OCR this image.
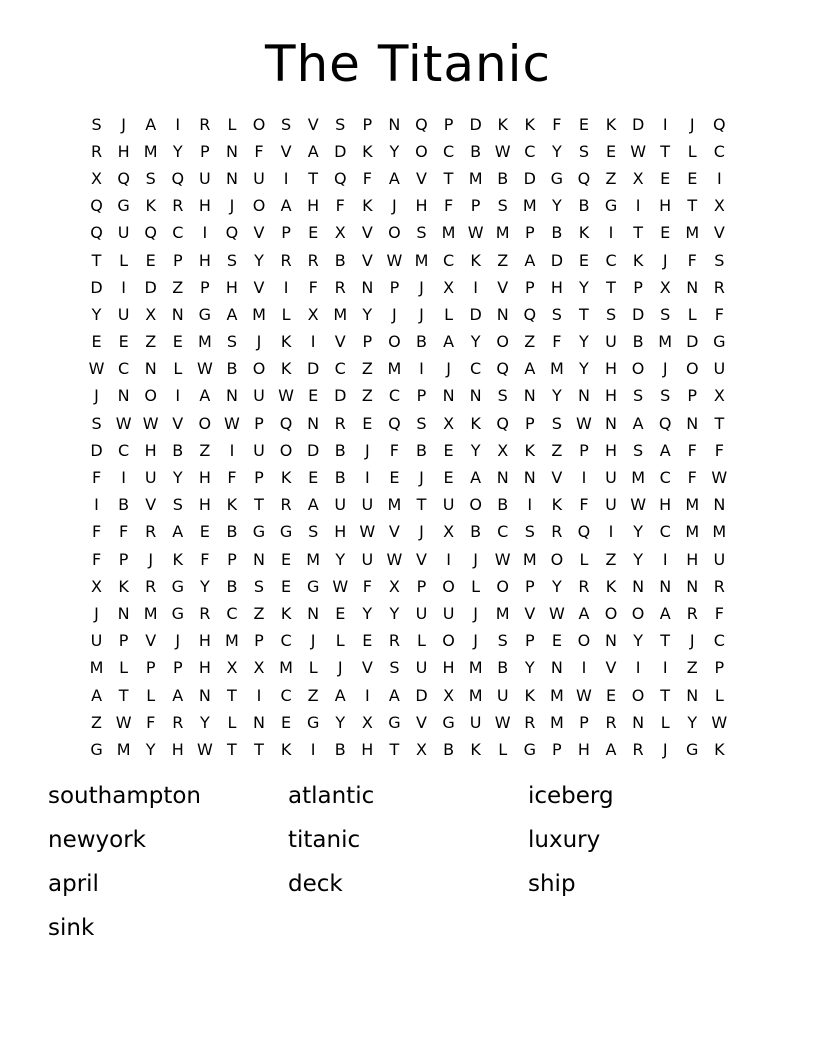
The Titanic
S	J	A	I	R	L	O S	V	S	P	N Q P	D K	K	F	E	K D	I	J	Q
R H M Y	P	N	F	V	A D K	Y O C	B W C	Y	S	E W T	L	C
X Q S Q U N U	I	T Q	F	A	V	T M B D G Q Z	X	E	E	I
Q G K	R H	J	O A H	F	K	J	H	F	P	S M Y	B G	I	H	T	X
Q U Q C	I	Q V	P	E	X	V O S M W M P	B	K	I	T	E M V
T	L	E	P	H S	Y	R R	B	V W M C	K	Z	A D E	C	K	J	F	S
D	I	D Z	P	H V	I	F	R N	P	J	X	I	V	P	H	Y	T	P	X N R
Y	U X N G A M L	X M Y	J	J	L	D N Q S	T	S D S	L	F
E	E	Z	E M S	J	K	I	V	P O B	A	Y O Z	F	Y	U B M D G
W C N	L W B O K D C	Z M	I	J	C Q A M Y	H O	J	O U
J	N O	I	A N U W E D Z	C	P	N N	S	N	Y	N H S	S	P	X
S W W V O W P Q N R	E Q S	X	K Q P	S W N A Q N	T
D C H B	Z	I	U O D B	J	F	B	E	Y	X	K	Z	P	H S	A	F	F
F	I	U	Y	H	F	P	K	E	B	I	E	J	E	A N N V	I	U M C	F W
I	B	V	S H K	T	R	A U U M T	U O B	I	K	F	U W H M N
F	F	R	A	E	B G G S H W V	J	X	B	C	S	R Q	I	Y	C M M
F	P	J	K	F	P	N	E M Y	U W V	I	J	W M O	L	Z	Y	I	H U
X	K	R G Y	B	S	E G W F	X	P O	L	O P	Y	R	K N N N R
J	N M G R C	Z	K N	E	Y	Y	U U	J	M V W A O O A	R	F
U	P	V	J	H M P	C	J	L	E	R	L	O	J	S	P	E O N	Y	T	J	C
M L	P	P	H X	X M L	J	V	S	U H M B	Y	N	I	V	I	I	Z	P
A	T	L	A N	T	I	C	Z	A	I	A D X M U K M W E O T	N	L
Z W F	R	Y	L	N	E G Y	X G V G U W R M P	R N	L	Y W
G M Y	H W T	T	K	I	B H	T	X	B	K	L	G	P	H A	R	J	G K
southampton	atlantic	iceberg
newyork	titanic	luxury
april	deck	ship
sink
